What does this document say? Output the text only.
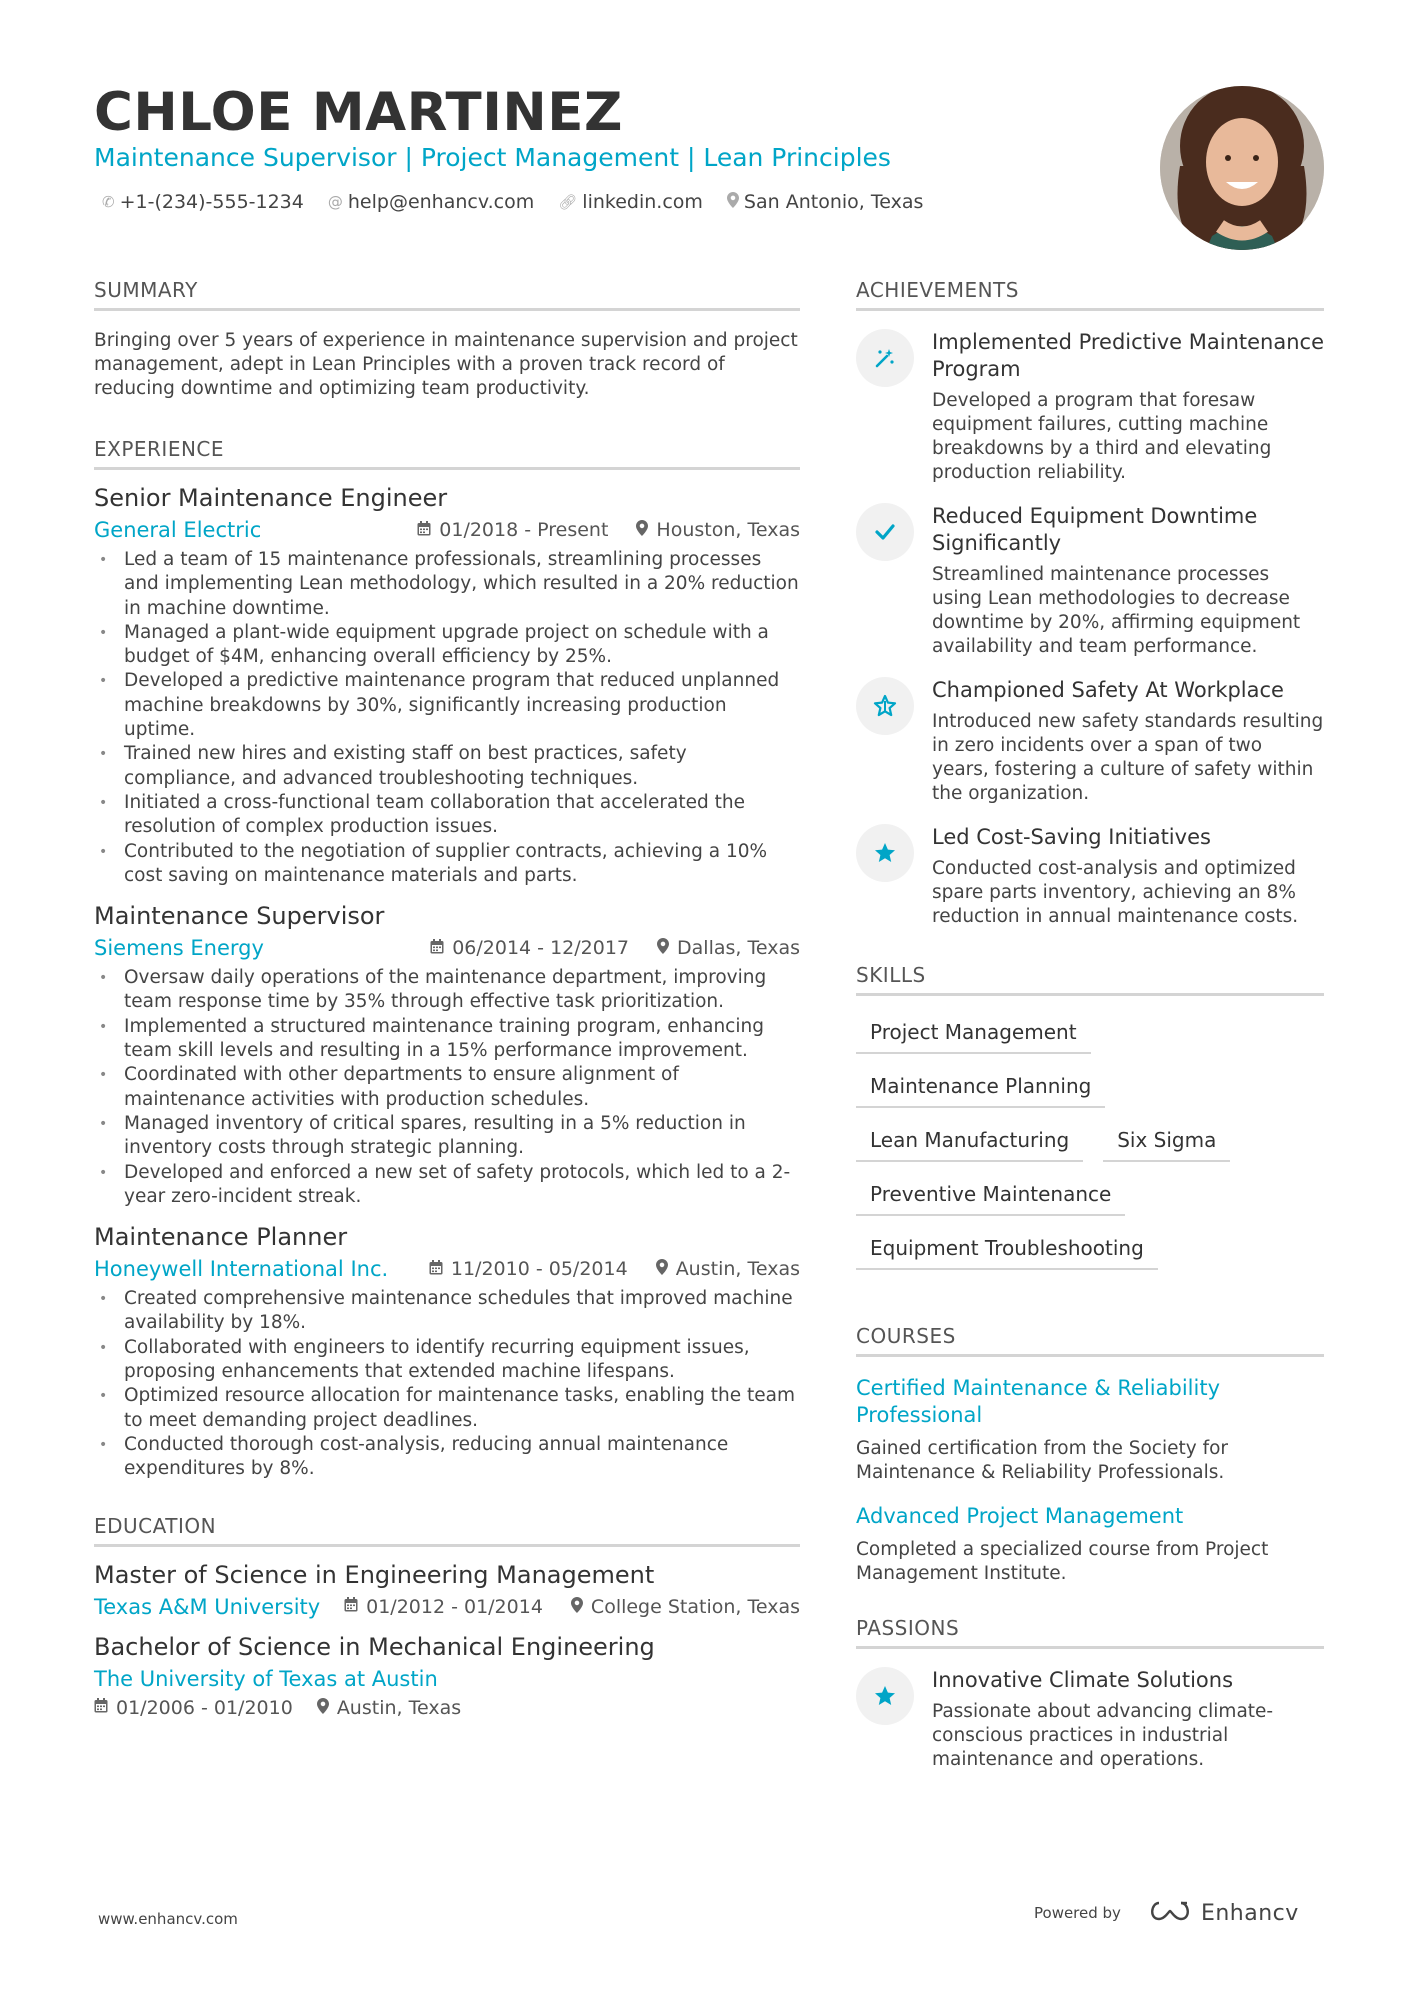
CHLOE MARTINEZ
Maintenance Supervisor | Project Management | Lean Principles
✆ +1-(234)-555-1234 @ help@enhancv.com 🔗︎ linkedin.com San Antonio, Texas
SUMMARY
Bringing over 5 years of experience in maintenance supervision and project management, adept in Lean Principles with a proven track record of reducing downtime and optimizing team productivity.
EXPERIENCE
Senior Maintenance Engineer
General Electric	01/2018 - Present	Houston, Texas
• Led a team of 15 maintenance professionals, streamlining processes and implementing Lean methodology, which resulted in a 20% reduction in machine downtime.
• Managed a plant-wide equipment upgrade project on schedule with a budget of $4M, enhancing overall efficiency by 25%.
• Developed a predictive maintenance program that reduced unplanned machine breakdowns by 30%, significantly increasing production uptime.
• Trained new hires and existing staff on best practices, safety compliance, and advanced troubleshooting techniques.
• Initiated a cross-functional team collaboration that accelerated the resolution of complex production issues.
• Contributed to the negotiation of supplier contracts, achieving a 10% cost saving on maintenance materials and parts.
Maintenance Supervisor
Siemens Energy	06/2014 - 12/2017	Dallas, Texas
• Oversaw daily operations of the maintenance department, improving team response time by 35% through effective task prioritization.
• Implemented a structured maintenance training program, enhancing team skill levels and resulting in a 15% performance improvement.
• Coordinated with other departments to ensure alignment of maintenance activities with production schedules.
• Managed inventory of critical spares, resulting in a 5% reduction in inventory costs through strategic planning.
• Developed and enforced a new set of safety protocols, which led to a 2-year zero-incident streak.
Maintenance Planner
Honeywell International Inc.	11/2010 - 05/2014	Austin, Texas
• Created comprehensive maintenance schedules that improved machine availability by 18%.
• Collaborated with engineers to identify recurring equipment issues, proposing enhancements that extended machine lifespans.
• Optimized resource allocation for maintenance tasks, enabling the team to meet demanding project deadlines.
• Conducted thorough cost-analysis, reducing annual maintenance expenditures by 8%.
EDUCATION
Master of Science in Engineering Management
Texas A&M University 01/2012 - 01/2014	College Station, Texas
Bachelor of Science in Mechanical Engineering
The University of Texas at Austin
01/2006 - 01/2010 Austin, Texas
ACHIEVEMENTS
Implemented Predictive Maintenance Program
Developed a program that foresaw equipment failures, cutting machine breakdowns by a third and elevating production reliability.
Reduced Equipment Downtime Significantly
Streamlined maintenance processes using Lean methodologies to decrease downtime by 20%, affirming equipment availability and team performance.
Championed Safety At Workplace
Introduced new safety standards resulting in zero incidents over a span of two years, fostering a culture of safety within the organization.
Led Cost-Saving Initiatives
Conducted cost-analysis and optimized spare parts inventory, achieving an 8% reduction in annual maintenance costs.
SKILLS
Project Management
Maintenance Planning
Lean Manufacturing	Six Sigma
Preventive Maintenance
Equipment Troubleshooting
COURSES
Certified Maintenance & Reliability Professional
Gained certification from the Society for Maintenance & Reliability Professionals.
Advanced Project Management
Completed a specialized course from Project Management Institute.
PASSIONS
Innovative Climate Solutions
Passionate about advancing climate-conscious practices in industrial maintenance and operations.
www.enhancv.com	Powered by	Enhancv
